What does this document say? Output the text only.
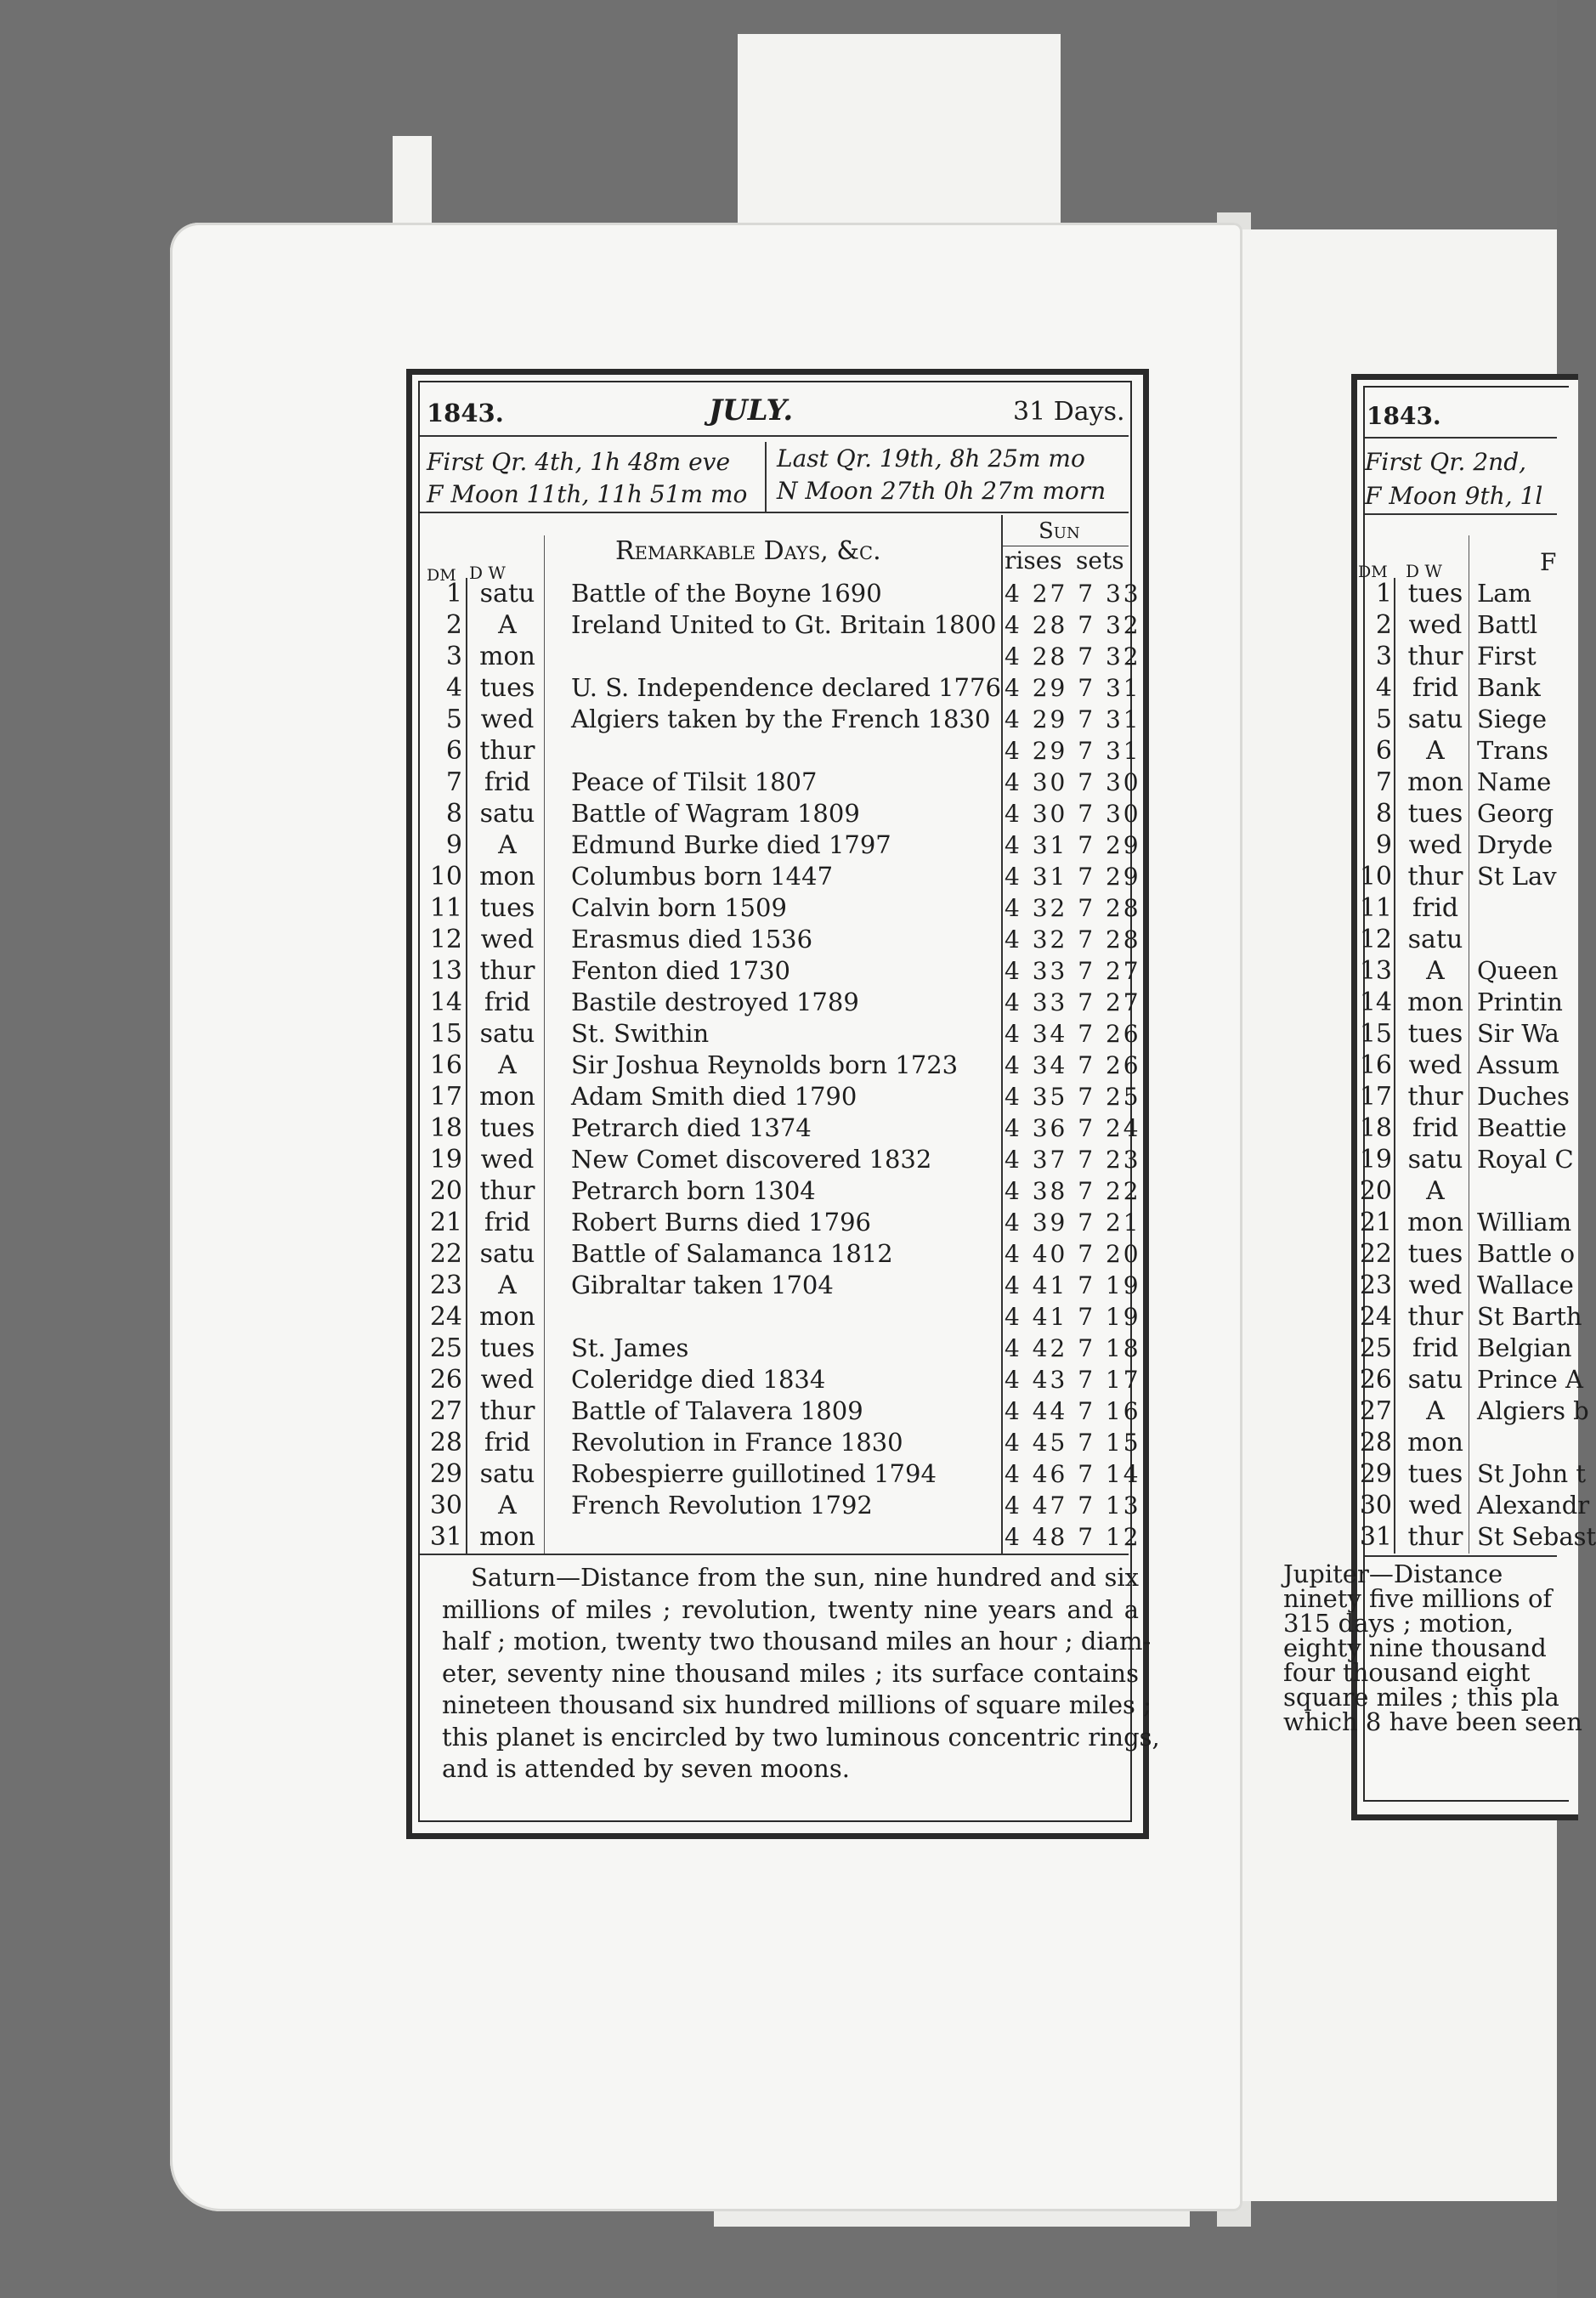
1843.	JULY.	31 Days.
First Qr. 4th, 1h 48m eve Last Qr. 19th, 8h 25m mo
F Moon 11th, 11h 51m mo N Moon 27th 0h 27m morn
DM D W
Remarkable Days, &c.
Sun
rises sets
1 satu	Battle of the Boyne 1690	4 27 7 33
2	A	Ireland United to Gt. Britain 1800 4 28 7 32
3 mon	4 28 7 32
4 tues	U. S. Independence declared 1776 4 29 7 31
5 wed	Algiers taken by the French 1830 4 29 7 31
6 thur	4 29 7 31
7 frid	Peace of Tilsit 1807	4 30 7 30
8 satu	Battle of Wagram 1809	4 30 7 30
9	A	Edmund Burke died 1797	4 31 7 29
10 mon	Columbus born 1447	4 31 7 29
11 tues	Calvin born 1509	4 32 7 28
12 wed	Erasmus died 1536	4 32 7 28
13 thur	Fenton died 1730	4 33 7 27
14 frid	Bastile destroyed 1789	4 33 7 27
15 satu	St. Swithin	4 34 7 26
16	A	Sir Joshua Reynolds born 1723 4 34 7 26
17 mon	Adam Smith died 1790	4 35 7 25
18 tues	Petrarch died 1374	4 36 7 24
19 wed	New Comet discovered 1832	4 37 7 23
20 thur	Petrarch born 1304	4 38 7 22
21 frid	Robert Burns died 1796	4 39 7 21
22 satu	Battle of Salamanca 1812	4 40 7 20
23	A	Gibraltar taken 1704	4 41 7 19
24 mon	4 41 7 19
25 tues	St. James	4 42 7 18
26 wed	Coleridge died 1834	4 43 7 17
27 thur	Battle of Talavera 1809	4 44 7 16
28 frid	Revolution in France 1830	4 45 7 15
29 satu	Robespierre guillotined 1794	4 46 7 14
30	A	French Revolution 1792	4 47 7 13
31 mon	4 48 7 12
Saturn—Distance from the sun, nine hundred and six
millions of miles ; revolution, twenty nine years and a
half ; motion, twenty two thousand miles an hour ; diam-
eter, seventy nine thousand miles ; its surface contains
nineteen thousand six hundred millions of square miles ;
this planet is encircled by two luminous concentric rings,
and is attended by seven moons.
1843.
First Qr. 2nd,
F Moon 9th, 1l
DM D W	F
1 tues Lam
2 wed Battl
3 thur First
4 frid Bank
5 satu Siege
6	A	Trans
7 mon Name
8 tues Georg
9 wed Dryde
10 thur St Lav
11 frid
12 satu
13	A	Queen
14 mon Printin
15 tues Sir Wa
16 wed Assum
17 thur Duches
18 frid Beattie
19 satu Royal C
20	A
21 mon William
22 tues Battle o
23 wed Wallace
24 thur St Barth
25 frid Belgian
26 satu Prince A
27	A	Algiers b
28 mon
29 tues St John t
30 wed Alexandr
31 thur St Sebast
Jupiter—Distance
ninety five millions of
315 days ; motion,
eighty nine thousand
four thousand eight
square miles ; this pla
which 8 have been seen
